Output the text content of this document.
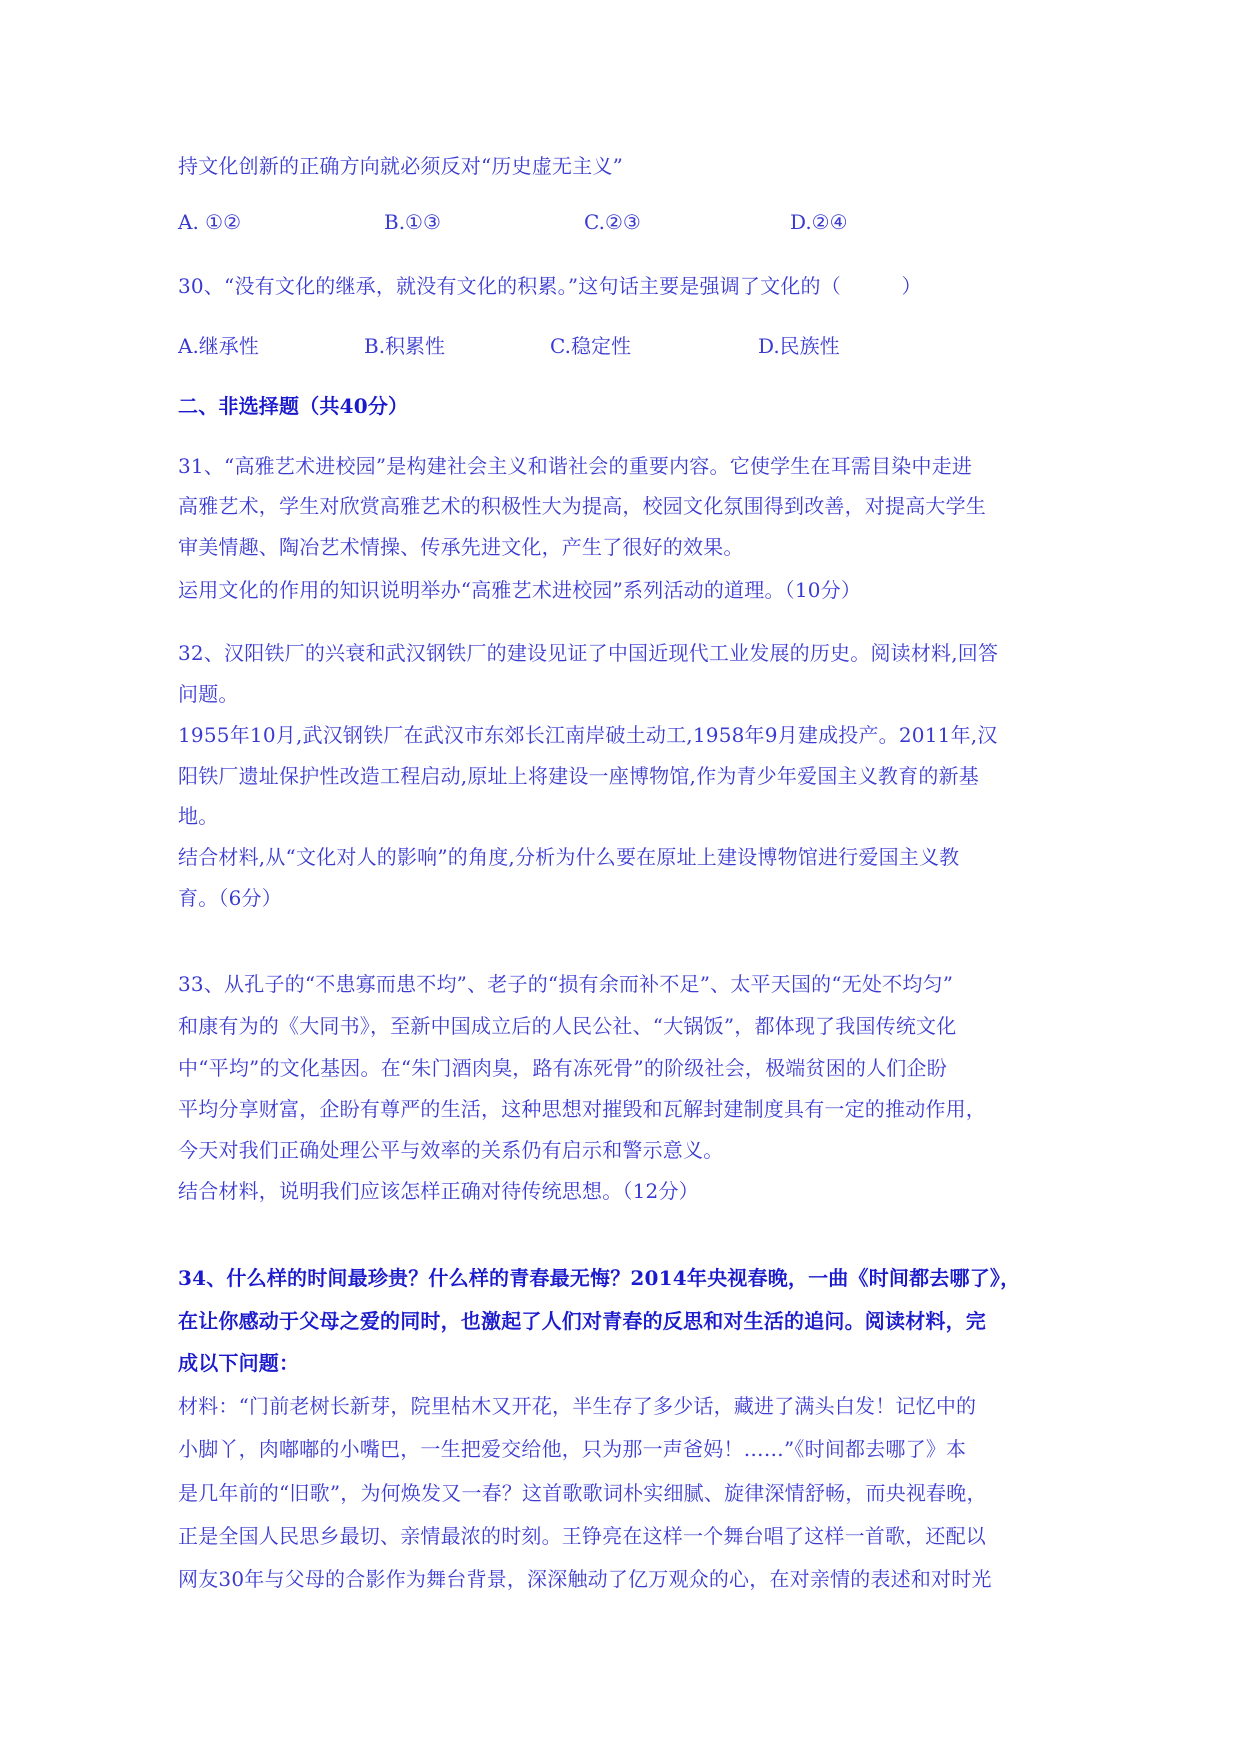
持文化创新的正确方向就必须反对“历史虚无主义”
A. ①②	B.①③	C.②③	D.②④
30、“没有文化的继承，就没有文化的积累。”这句话主要是强调了文化的（　　　）
A.继承性	B.积累性	C.稳定性	D.民族性
二、非选择题（共40分）
31、“高雅艺术进校园”是构建社会主义和谐社会的重要内容。它使学生在耳需目染中走进
高雅艺术，学生对欣赏高雅艺术的积极性大为提高，校园文化氛围得到改善，对提高大学生
审美情趣、陶冶艺术情操、传承先进文化，产生了很好的效果。
运用文化的作用的知识说明举办“高雅艺术进校园”系列活动的道理。（10分）
32、汉阳铁厂的兴衰和武汉钢铁厂的建设见证了中国近现代工业发展的历史。阅读材料,回答
问题。
1955年10月,武汉钢铁厂在武汉市东郊长江南岸破土动工,1958年9月建成投产。2011年,汉
阳铁厂遗址保护性改造工程启动,原址上将建设一座博物馆,作为青少年爱国主义教育的新基
地。
结合材料,从“文化对人的影响”的角度,分析为什么要在原址上建设博物馆进行爱国主义教
育。（6分）
33、从孔子的“不患寡而患不均”、老子的“损有余而补不足”、太平天国的“无处不均匀”
和康有为的《大同书》，至新中国成立后的人民公社、“大锅饭”，都体现了我国传统文化
中“平均”的文化基因。在“朱门酒肉臭，路有冻死骨”的阶级社会，极端贫困的人们企盼
平均分享财富，企盼有尊严的生活，这种思想对摧毁和瓦解封建制度具有一定的推动作用，
今天对我们正确处理公平与效率的关系仍有启示和警示意义。
结合材料，说明我们应该怎样正确对待传统思想。（12分）
34、什么样的时间最珍贵？什么样的青春最无悔？2014年央视春晚，一曲《时间都去哪了》，
在让你感动于父母之爱的同时，也激起了人们对青春的反思和对生活的追问。阅读材料，完
成以下问题：
材料：“门前老树长新芽，院里枯木又开花，半生存了多少话，藏进了满头白发！记忆中的
小脚丫，肉嘟嘟的小嘴巴，一生把爱交给他，只为那一声爸妈！……”《时间都去哪了》本
是几年前的“旧歌”，为何焕发又一春？这首歌歌词朴实细腻、旋律深情舒畅，而央视春晚，
正是全国人民思乡最切、亲情最浓的时刻。王铮亮在这样一个舞台唱了这样一首歌，还配以
网友30年与父母的合影作为舞台背景，深深触动了亿万观众的心，在对亲情的表述和对时光
